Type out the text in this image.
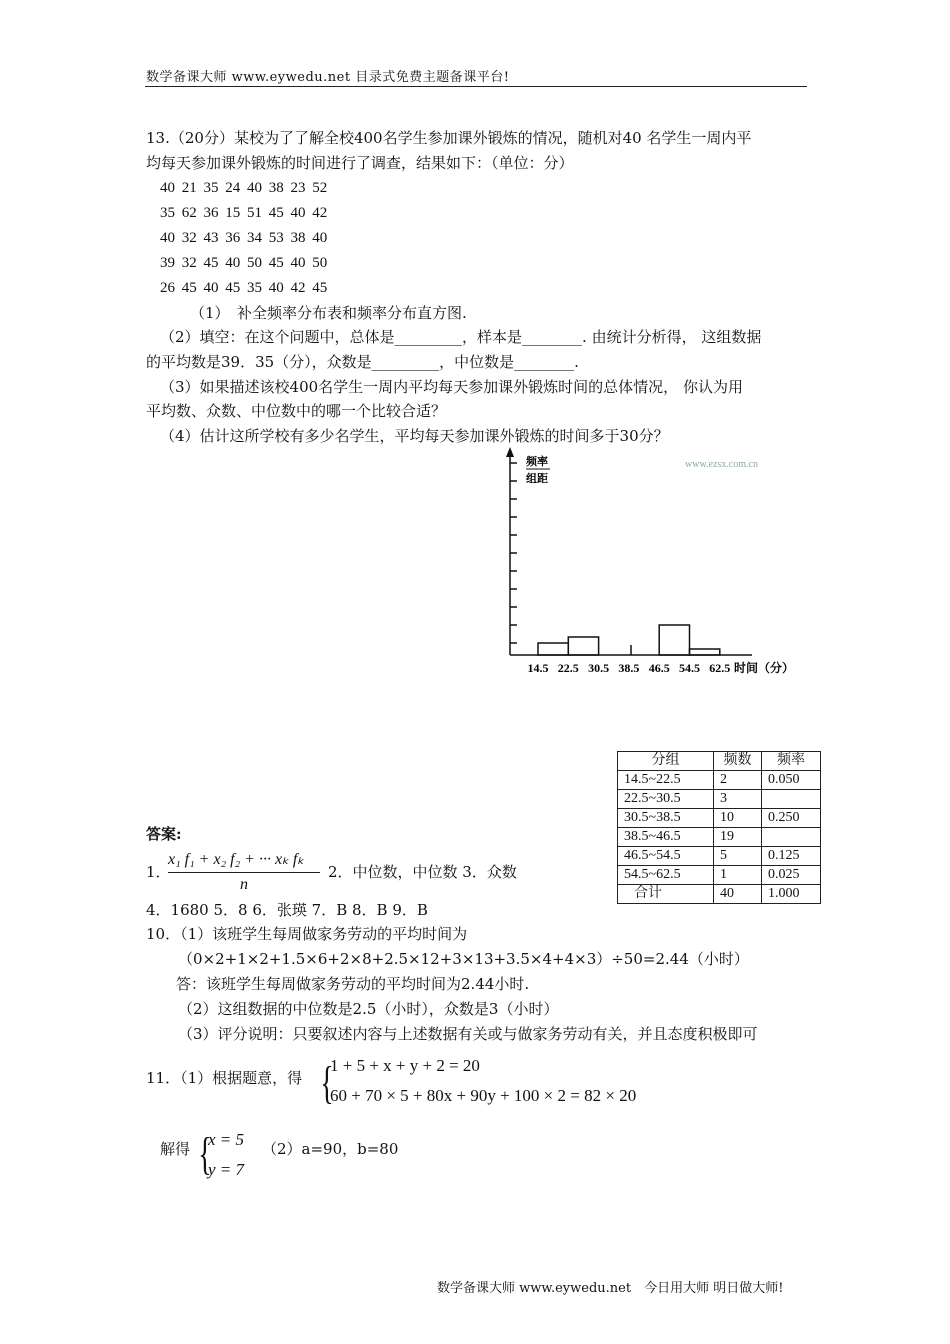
数学备课大师 www.eywedu.net 目录式免费主题备课平台!
13.（20分）某校为了了解全校400名学生参加课外锻炼的情况，随机对40 名学生一周内平
均每天参加课外锻炼的时间进行了调查，结果如下：（单位：分）
40 21 35 24 40 38 23 52
35 62 36 15 51 45 40 42
40 32 43 36 34 53 38 40
39 32 45 40 50 45 40 50
26 45 40 45 35 40 42 45
（1）　补全频率分布表和频率分布直方图.
（2）填空：在这个问题中，总体是_________，样本是________. 由统计分析得， 这组数据
的平均数是39．35（分），众数是_________，中位数是________.
（3）如果描述该校400名学生一周内平均每天参加课外锻炼时间的总体情况， 你认为用
平均数、众数、中位数中的哪一个比较合适？
（4）估计这所学校有多少名学生，平均每天参加课外锻炼的时间多于30分？
www.ezsx.com.cn
频率
组距
14.5 22.5 30.5 38.5 46.5 54.5 62.5 时间（分）
分组	频数	频率
14.5~22.5	2	0.050
22.5~30.5	3	
30.5~38.5	10	0.250
38.5~46.5	19	
46.5~54.5	5	0.125
54.5~62.5	1	0.025
合计	40	1.000
答案:
1．
x₁ f₁ + x₂ f₂ + ··· xₖ fₖ
n
2．中位数，中位数 3．众数
4．1680 5．8 6．张瑛 7．B 8．B 9．B
10．（1）该班学生每周做家务劳动的平均时间为
（0×2+1×2+1.5×6+2×8+2.5×12+3×13+3.5×4+4×3）÷50=2.44（小时）
答：该班学生每周做家务劳动的平均时间为2.44小时.
（2）这组数据的中位数是2.5（小时），众数是3（小时）
（3）评分说明：只要叙述内容与上述数据有关或与做家务劳动有关，并且态度积极即可
11．（1）根据题意，得 {
1 + 5 + x + y + 2 = 20
60 + 70 × 5 + 80x + 90y + 100 × 2 = 82 × 20
解得 {
x = 5
y = 7
（2）a=90，b=80
数学备课大师 www.eywedu.net　今日用大师 明日做大师!
